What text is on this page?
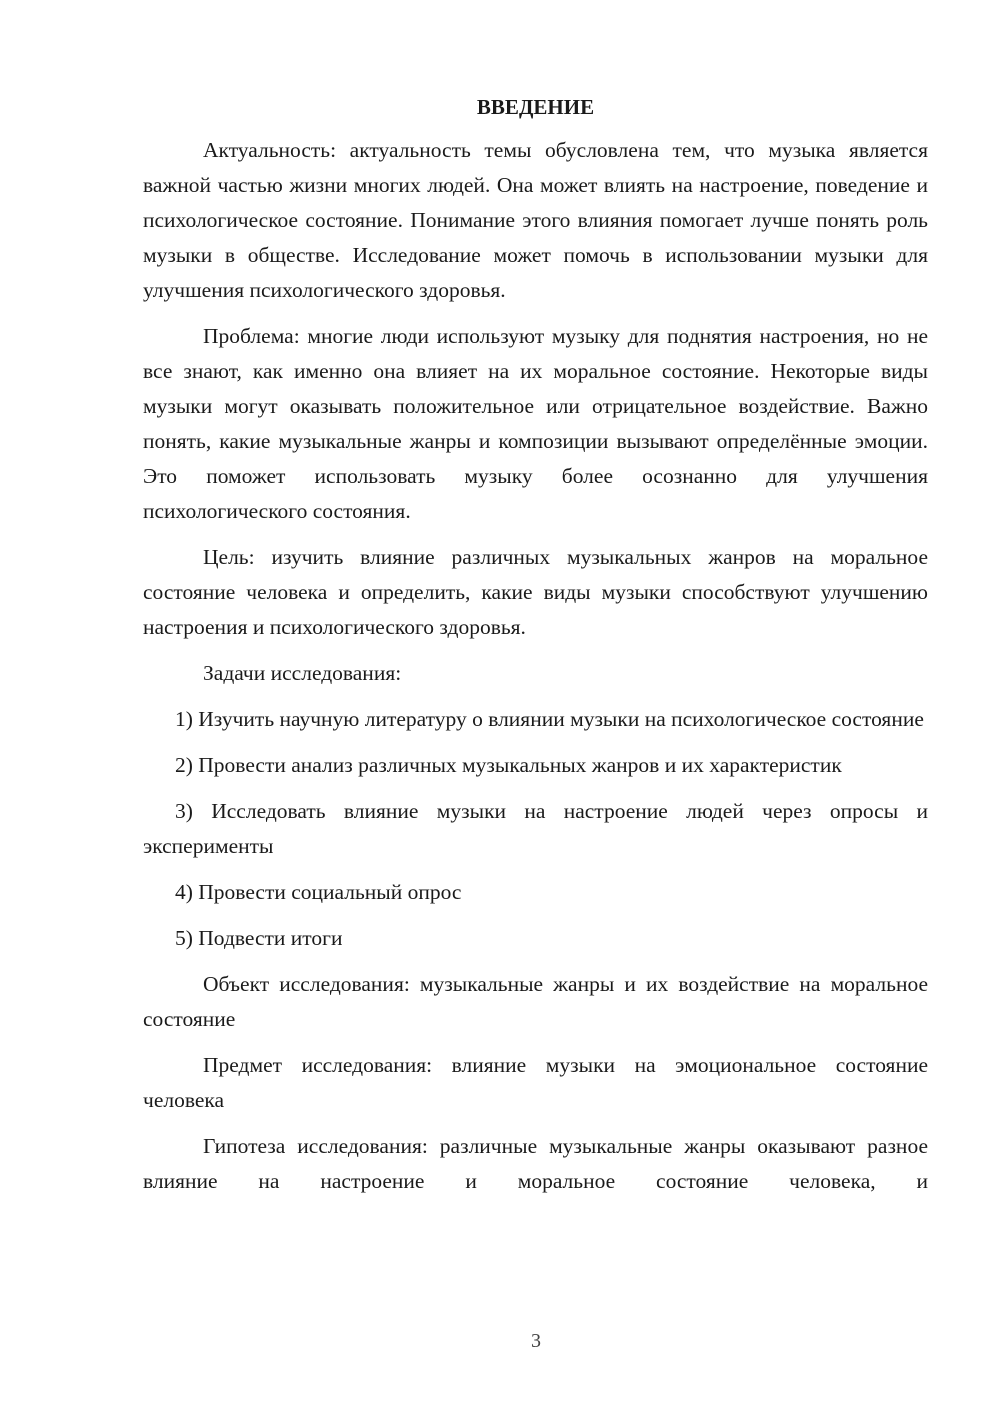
ВВЕДЕНИЕ

Актуальность: актуальность темы обусловлена тем, что музыка является важной частью жизни многих людей. Она может влиять на настроение, поведение и психологическое состояние. Понимание этого влияния помогает лучше понять роль музыки в обществе. Исследование может помочь в использовании музыки для улучшения психологического здоровья.

Проблема: многие люди используют музыку для поднятия настроения, но не все знают, как именно она влияет на их моральное состояние. Некоторые виды музыки могут оказывать положительное или отрицательное воздействие. Важно понять, какие музыкальные жанры и композиции вызывают определённые эмоции. Это поможет использовать музыку более осознанно для улучшения психологического состояния.

Цель: изучить влияние различных музыкальных жанров на моральное состояние человека и определить, какие виды музыки способствуют улучшению настроения и психологического здоровья.

Задачи исследования:

1) Изучить научную литературу о влиянии музыки на психологическое состояние

2) Провести анализ различных музыкальных жанров и их характеристик

3) Исследовать влияние музыки на настроение людей через опросы и эксперименты

4) Провести социальный опрос

5) Подвести итоги

Объект исследования: музыкальные жанры и их воздействие на моральное состояние

Предмет исследования: влияние музыки на эмоциональное состояние человека

Гипотеза исследования: различные музыкальные жанры оказывают разное влияние на настроение и моральное состояние человека, и

3
